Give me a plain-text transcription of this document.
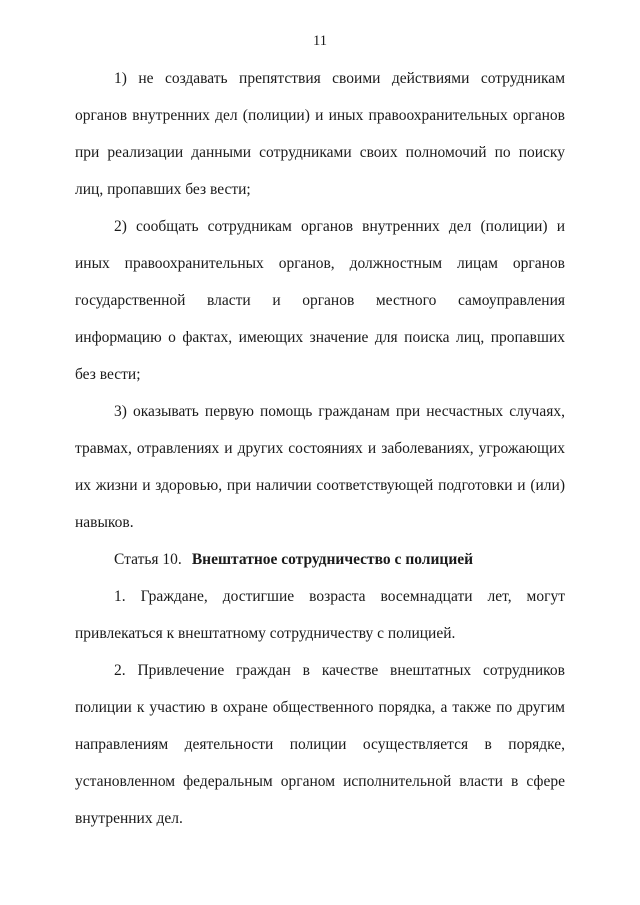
11

1) не создавать препятствия своими действиями сотрудникам органов внутренних дел (полиции) и иных правоохранительных органов при реализации данными сотрудниками своих полномочий по поиску лиц, пропавших без вести;

2) сообщать сотрудникам органов внутренних дел (полиции) и иных правоохранительных органов, должностным лицам органов государственной власти и органов местного самоуправления информацию о фактах, имеющих значение для поиска лиц, пропавших без вести;

3) оказывать первую помощь гражданам при несчастных случаях, травмах, отравлениях и других состояниях и заболеваниях, угрожающих их жизни и здоровью, при наличии соответствующей подготовки и (или) навыков.

Статья 10. Внештатное сотрудничество с полицией

1. Граждане, достигшие возраста восемнадцати лет, могут привлекаться к внештатному сотрудничеству с полицией.

2. Привлечение граждан в качестве внештатных сотрудников полиции к участию в охране общественного порядка, а также по другим направлениям деятельности полиции осуществляется в порядке, установленном федеральным органом исполнительной власти в сфере внутренних дел.
